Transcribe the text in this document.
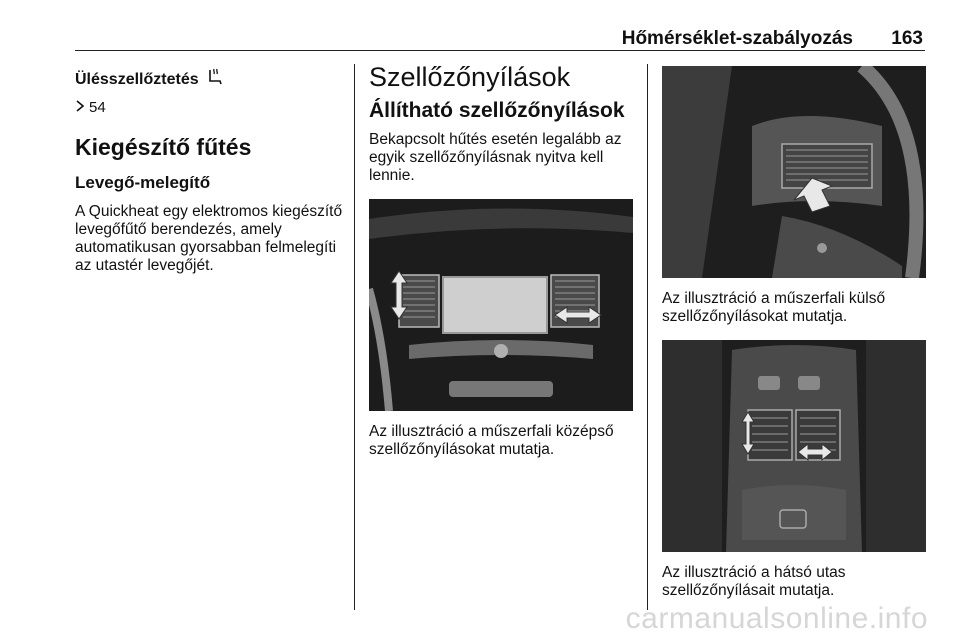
Hőmérséklet-szabályozás 163
Ülésszellőztetés
54
Kiegészítő fűtés
Levegő-melegítő

A Quickheat egy elektromos kiegészítő levegőfűtő berendezés, amely automatikusan gyorsabban felmelegíti az utastér levegőjét.

Szellőzőnyílások
Állítható szellőzőnyílások

Bekapcsolt hűtés esetén legalább az egyik szellőzőnyílásnak nyitva kell lennie.

Az illusztráció a műszerfali középső szellőzőnyílásokat mutatja.

Az illusztráció a műszerfali külső szellőzőnyílásokat mutatja.

Az illusztráció a hátsó utas szellőzőnyílásait mutatja.

carmanualsonline.info
